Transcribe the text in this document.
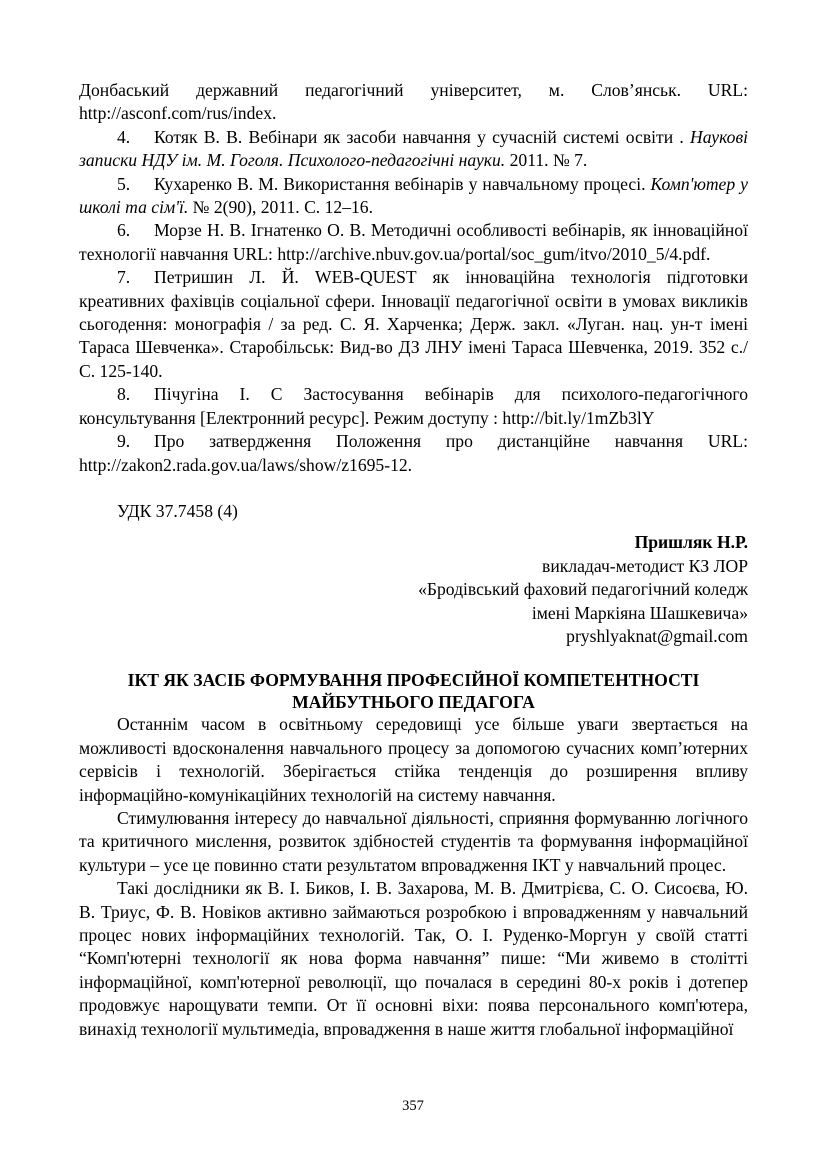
Донбаський державний педагогічний університет, м. Слов’янськ. URL: http://asconf.com/rus/index.
4. Котяк В. В. Вебінари як засоби навчання у сучасній системі освіти . Наукові записки НДУ ім. М. Гоголя. Психолого-педагогічні науки. 2011. № 7.
5. Кухаренко В. М. Використання вебінарів у навчальному процесі. Комп'ютер у школі та сім'ї. № 2(90), 2011. С. 12–16.
6. Морзе Н. В. Ігнатенко О. В. Методичні особливості вебінарів, як інноваційної технології навчання URL: http://archive.nbuv.gov.ua/portal/soc_gum/itvo/2010_5/4.pdf.
7. Петришин Л. Й. WEB-QUEST як інноваційна технологія підготовки креативних фахівців соціальної сфери. Інновації педагогічної освіти в умовах викликів сьогодення: монографія / за ред. С. Я. Харченка; Держ. закл. «Луган. нац. ун-т імені Тараса Шевченка». Старобільськ: Вид-во ДЗ ЛНУ імені Тараса Шевченка, 2019. 352 с./ С. 125-140.
8. Пічугіна І. С Застосування вебінарів для психолого-педагогічного консультування [Електронний ресурс]. Режим доступу : http://bit.ly/1mZb3lY
9. Про затвердження Положення про дистанційне навчання URL: http://zakon2.rada.gov.ua/laws/show/z1695-12.
УДК 37.7458 (4)
Пришляк Н.Р.
викладач-методист КЗ ЛОР
«Бродівський фаховий педагогічний коледж
імені Маркіяна Шашкевича»
pryshlyaknat@gmail.com
ІКТ ЯК ЗАСІБ ФОРМУВАННЯ ПРОФЕСІЙНОЇ КОМПЕТЕНТНОСТІ
МАЙБУТНЬОГО ПЕДАГОГА
Останнім часом в освітньому середовищі усе більше уваги звертається на можливості вдосконалення навчального процесу за допомогою сучасних комп’ютерних сервісів і технологій. Зберігається стійка тенденція до розширення впливу інформаційно-комунікаційних технологій на систему навчання.
Стимулювання інтересу до навчальної діяльності, сприяння формуванню логічного та критичного мислення, розвиток здібностей студентів та формування інформаційної культури – усе це повинно стати результатом впровадження ІКТ у навчальний процес.
Такі дослідники як В. І. Биков, І. В. Захарова, М. В. Дмитрієва, С. О. Сисоєва, Ю. В. Триус, Ф. В. Новіков активно займаються розробкою і впровадженням у навчальний процес нових інформаційних технологій. Так, О. І. Руденко-Моргун у своїй статті “Комп'ютерні технології як нова форма навчання” пише: “Ми живемо в столітті інформаційної, комп'ютерної революції, що почалася в середині 80-х років і дотепер продовжує нарощувати темпи. От її основні віхи: поява персонального комп'ютера, винахід технології мультимедіа, впровадження в наше життя глобальної інформаційної
357
